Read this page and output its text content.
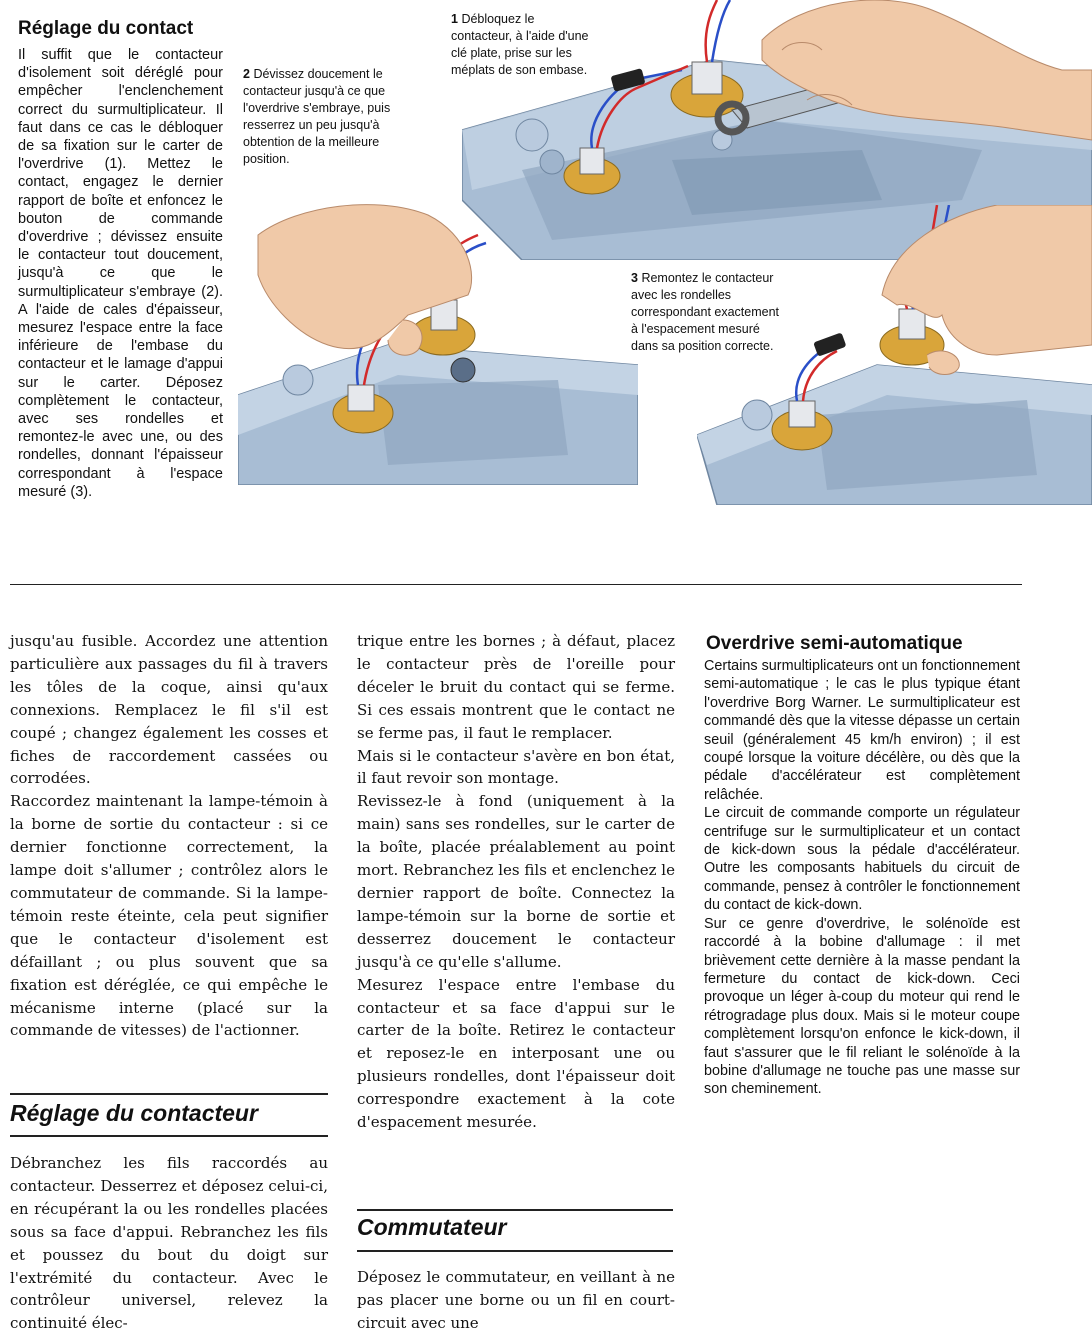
Réglage du contact

Il suffit que le contacteur d'isolement soit déréglé pour empêcher l'enclenchement correct du surmultiplicateur. Il faut dans ce cas le débloquer de sa fixation sur le carter de l'overdrive (1). Mettez le contact, engagez le dernier rapport de boîte et enfoncez le bouton de commande d'overdrive ; dévissez ensuite le contacteur tout doucement, jusqu'à ce que le surmultiplicateur s'embraye (2). A l'aide de cales d'épaisseur, mesurez l'espace entre la face inférieure de l'embase du contacteur et le lamage d'appui sur le carter. Déposez complètement le contacteur, avec ses rondelles et remontez-le avec une, ou des rondelles, donnant l'épaisseur correspondant à l'espace mesuré (3).

1 Débloquez le contacteur, à l'aide d'une clé plate, prise sur les méplats de son embase.
2 Dévissez doucement le contacteur jusqu'à ce que l'overdrive s'embraye, puis resserrez un peu jusqu'à obtention de la meilleure position.
3 Remontez le contacteur avec les rondelles correspondant exactement à l'espacement mesuré dans sa position correcte.

jusqu'au fusible. Accordez une attention particulière aux passages du fil à travers les tôles de la coque, ainsi qu'aux connexions. Remplacez le fil s'il est coupé ; changez également les cosses et fiches de raccordement cassées ou corrodées.

Raccordez maintenant la lampe-témoin à la borne de sortie du contacteur : si ce dernier fonctionne correctement, la lampe doit s'allumer ; contrôlez alors le commutateur de commande. Si la lampe-témoin reste éteinte, cela peut signifier que le contacteur d'isolement est défaillant ; ou plus souvent que sa fixation est déréglée, ce qui empêche le mécanisme interne (placé sur la commande de vitesses) de l'actionner.

Réglage du contacteur

Débranchez les fils raccordés au contacteur. Desserrez et déposez celui-ci, en récupérant la ou les rondelles placées sous sa face d'appui. Rebranchez les fils et poussez du bout du doigt sur l'extrémité du contacteur. Avec le contrôleur universel, relevez la continuité élec-

trique entre les bornes ; à défaut, placez le contacteur près de l'oreille pour déceler le bruit du contact qui se ferme. Si ces essais montrent que le contact ne se ferme pas, il faut le remplacer.

Mais si le contacteur s'avère en bon état, il faut revoir son montage.

Revissez-le à fond (uniquement à la main) sans ses rondelles, sur le carter de la boîte, placée préalablement au point mort. Rebranchez les fils et enclenchez le dernier rapport de boîte. Connectez la lampe-témoin sur la borne de sortie et desserrez doucement le contacteur jusqu'à ce qu'elle s'allume.

Mesurez l'espace entre l'embase du contacteur et sa face d'appui sur le carter de la boîte. Retirez le contacteur et reposez-le en interposant une ou plusieurs rondelles, dont l'épaisseur doit correspondre exactement à la cote d'espacement mesurée.

Commutateur

Déposez le commutateur, en veillant à ne pas placer une borne ou un fil en court-circuit avec une

Overdrive semi-automatique

Certains surmultiplicateurs ont un fonctionnement semi-automatique ; le cas le plus typique étant l'overdrive Borg Warner. Le surmultiplicateur est commandé dès que la vitesse dépasse un certain seuil (généralement 45 km/h environ) ; il est coupé lorsque la voiture décélère, ou dès que la pédale d'accélérateur est complètement relâchée.

Le circuit de commande comporte un régulateur centrifuge sur le surmultiplicateur et un contact de kick-down sous la pédale d'accélérateur. Outre les composants habituels du circuit de commande, pensez à contrôler le fonctionnement du contact de kick-down.

Sur ce genre d'overdrive, le solénoïde est raccordé à la bobine d'allumage : il met brièvement cette dernière à la masse pendant la fermeture du contact de kick-down. Ceci provoque un léger à-coup du moteur qui rend le rétrogradage plus doux. Mais si le moteur coupe complètement lorsqu'on enfonce le kick-down, il faut s'assurer que le fil reliant le solénoïde à la bobine d'allumage ne touche pas une masse sur son cheminement.
